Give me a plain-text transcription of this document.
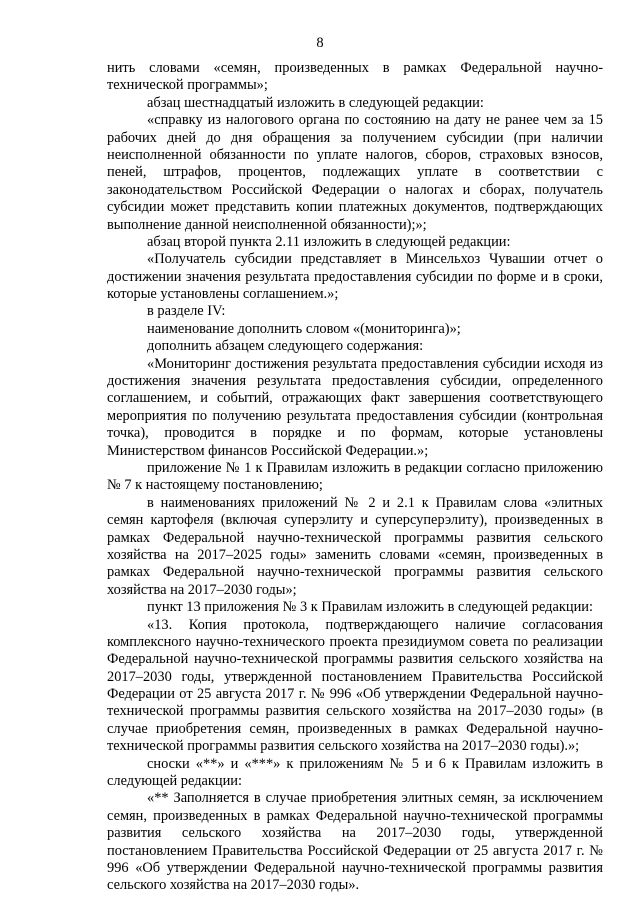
8

нить словами «семян, произведенных в рамках Федеральной научно-технической программы»;

абзац шестнадцатый изложить в следующей редакции:

«справку из налогового органа по состоянию на дату не ранее чем за 15 рабочих дней до дня обращения за получением субсидии (при наличии неисполненной обязанности по уплате налогов, сборов, страховых взносов, пеней, штрафов, процентов, подлежащих уплате в соответствии с законодательством Российской Федерации о налогах и сборах, получатель субсидии может представить копии платежных документов, подтверждающих выполнение данной неисполненной обязанности);»;

абзац второй пункта 2.11 изложить в следующей редакции:

«Получатель субсидии представляет в Минсельхоз Чувашии отчет о достижении значения результата предоставления субсидии по форме и в сроки, которые установлены соглашением.»;

в разделе IV:

наименование дополнить словом «(мониторинга)»;

дополнить абзацем следующего содержания:

«Мониторинг достижения результата предоставления субсидии исходя из достижения значения результата предоставления субсидии, определенного соглашением, и событий, отражающих факт завершения соответствующего мероприятия по получению результата предоставления субсидии (контрольная точка), проводится в порядке и по формам, которые установлены Министерством финансов Российской Федерации.»;

приложение № 1 к Правилам изложить в редакции согласно приложению № 7 к настоящему постановлению;

в наименованиях приложений № 2 и 2.1 к Правилам слова «элитных семян картофеля (включая суперэлиту и суперсуперэлиту), произведенных в рамках Федеральной научно-технической программы развития сельского хозяйства на 2017–2025 годы» заменить словами «семян, произведенных в рамках Федеральной научно-технической программы развития сельского хозяйства на 2017–2030 годы»;

пункт 13 приложения № 3 к Правилам изложить в следующей редакции:

«13. Копия протокола, подтверждающего наличие согласования комплексного научно-технического проекта президиумом совета по реализации Федеральной научно-технической программы развития сельского хозяйства на 2017–2030 годы, утвержденной постановлением Правительства Российской Федерации от 25 августа 2017 г. № 996 «Об утверждении Федеральной научно-технической программы развития сельского хозяйства на 2017–2030 годы» (в случае приобретения семян, произведенных в рамках Федеральной научно-технической программы развития сельского хозяйства на 2017–2030 годы).»;

сноски «**» и «***» к приложениям № 5 и 6 к Правилам изложить в следующей редакции:

«** Заполняется в случае приобретения элитных семян, за исключением семян, произведенных в рамках Федеральной научно-технической программы развития сельского хозяйства на 2017–2030 годы, утвержденной постановлением Правительства Российской Федерации от 25 августа 2017 г. № 996 «Об утверждении Федеральной научно-технической программы развития сельского хозяйства на 2017–2030 годы».
